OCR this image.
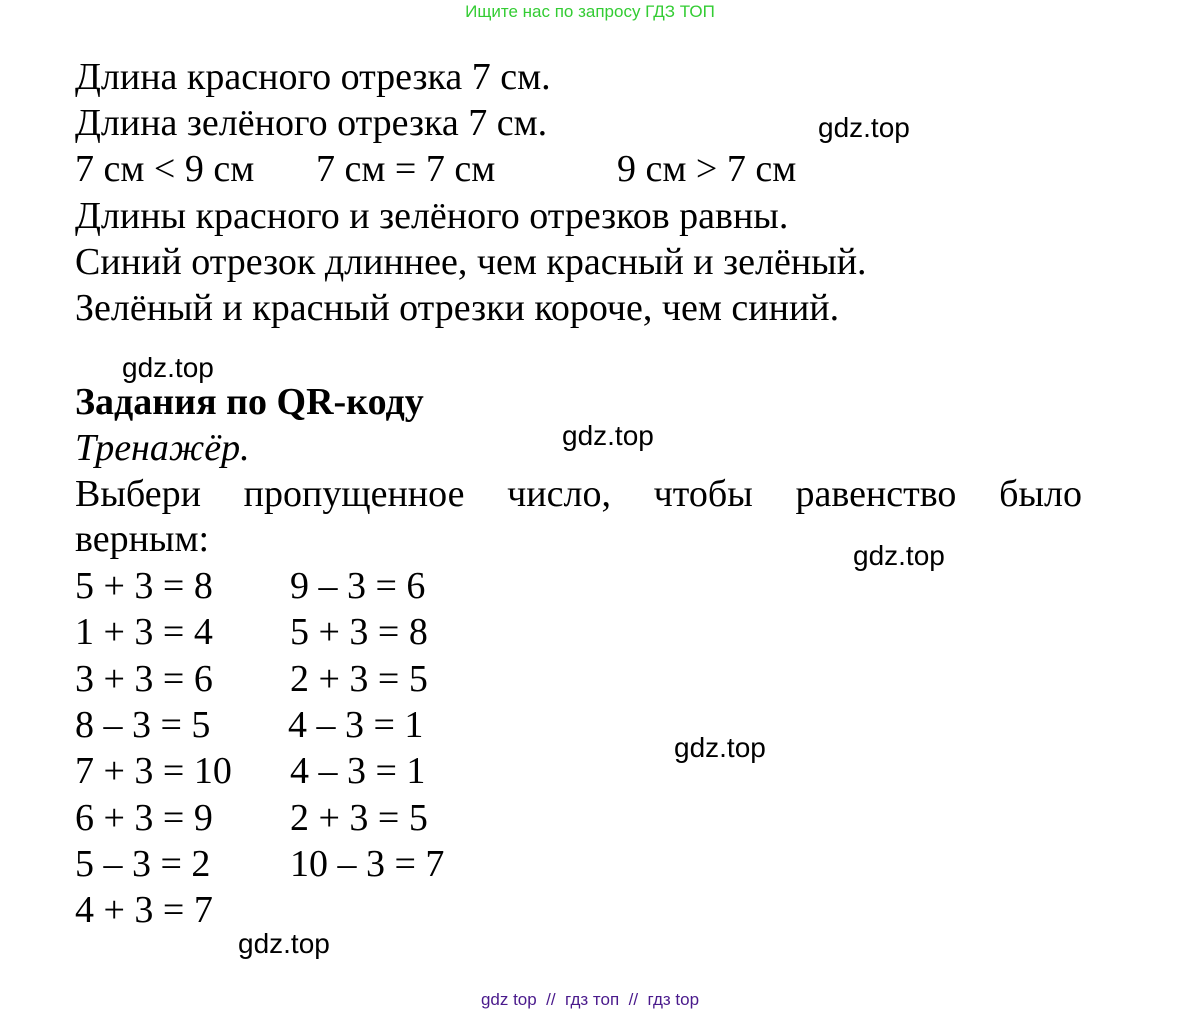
Ищите нас по запросу ГДЗ ТОП
Длина красного отрезка 7 см.
Длина зелёного отрезка 7 см.
7 см < 9 см 7 см = 7 см	9 см > 7 см
Длины красного и зелёного отрезков равны.
Синий отрезок длиннее, чем красный и зелёный.
Зелёный и красный отрезки короче, чем синий.
Задания по QR-коду
Тренажёр.
Выбери пропущенное число, чтобы равенство было
верным:
5 + 3 = 8
1 + 3 = 4
3 + 3 = 6
8 – 3 = 5
7 + 3 = 10
6 + 3 = 9
5 – 3 = 2
4 + 3 = 7
9 – 3 = 6
5 + 3 = 8
2 + 3 = 5
4 – 3 = 1
4 – 3 = 1
2 + 3 = 5
10 – 3 = 7
gdz.top
gdz.top
gdz.top
gdz.top
gdz.top
gdz.top
gdz top  //  гдз топ  //  гдз top
